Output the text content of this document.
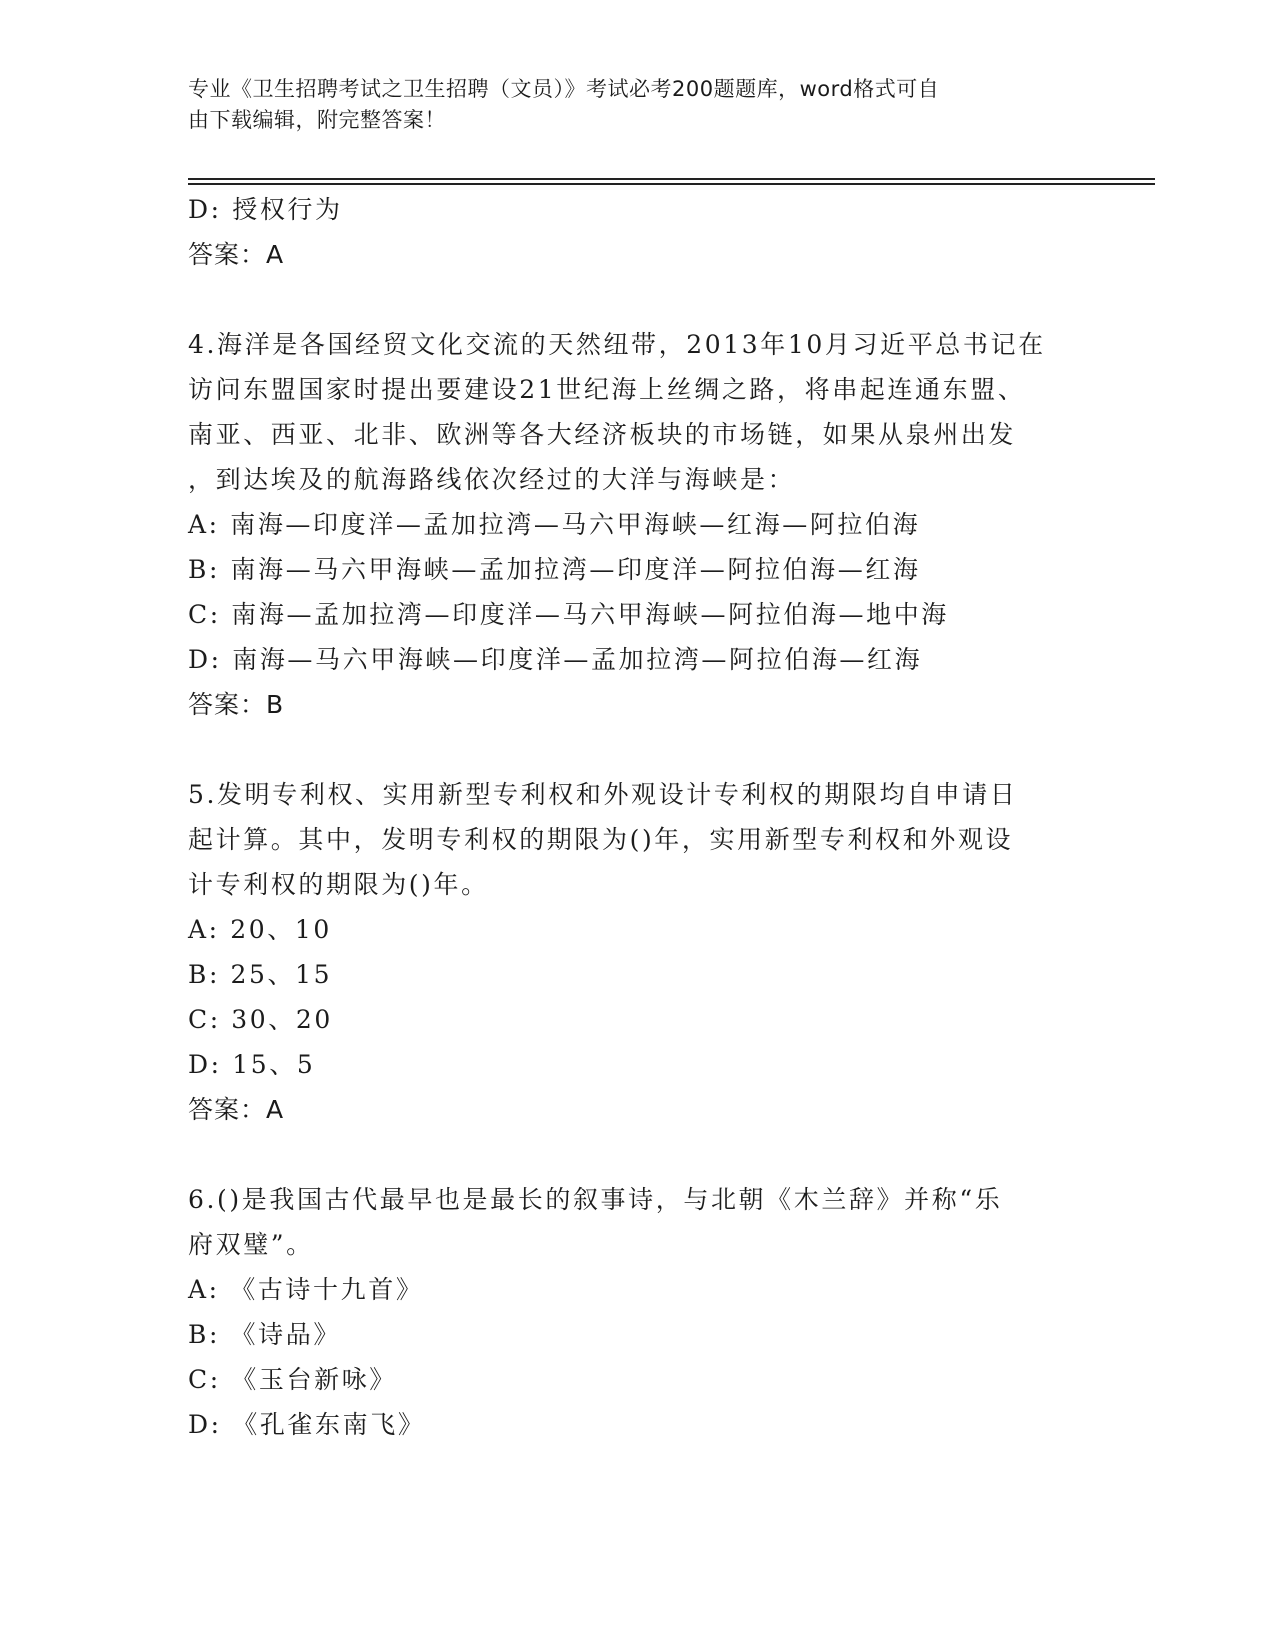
专业《卫生招聘考试之卫生招聘（文员）》考试必考200题题库，word格式可自
由下载编辑，附完整答案！
D: 授权行为
答案：A
4.海洋是各国经贸文化交流的天然纽带，2013年10月习近平总书记在
访问东盟国家时提出要建设21世纪海上丝绸之路，将串起连通东盟、
南亚、西亚、北非、欧洲等各大经济板块的市场链，如果从泉州出发
，到达埃及的航海路线依次经过的大洋与海峡是：
A: 南海—印度洋—孟加拉湾—马六甲海峡—红海—阿拉伯海
B: 南海—马六甲海峡—孟加拉湾—印度洋—阿拉伯海—红海
C: 南海—孟加拉湾—印度洋—马六甲海峡—阿拉伯海—地中海
D: 南海—马六甲海峡—印度洋—孟加拉湾—阿拉伯海—红海
答案：B
5.发明专利权、实用新型专利权和外观设计专利权的期限均自申请日
起计算。其中，发明专利权的期限为()年，实用新型专利权和外观设
计专利权的期限为()年。
A: 20、10
B: 25、15
C: 30、20
D: 15、5
答案：A
6.()是我国古代最早也是最长的叙事诗，与北朝《木兰辞》并称“乐
府双璧”。
A: 《古诗十九首》
B: 《诗品》
C: 《玉台新咏》
D: 《孔雀东南飞》
